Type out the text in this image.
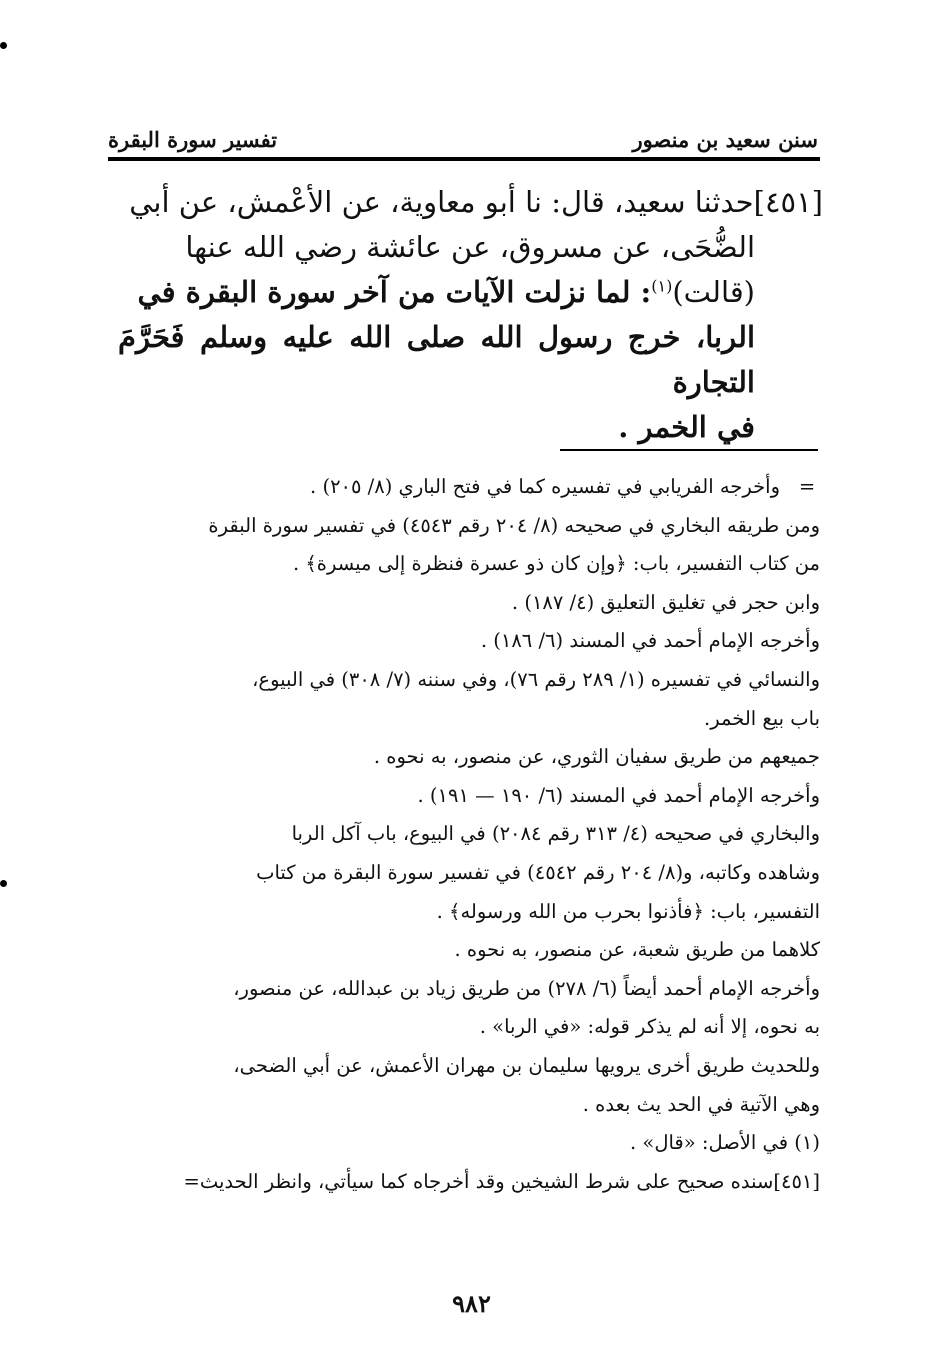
سنن سعيد بن منصور
تفسير سورة البقرة
[٤٥١]حدثنا سعيد، قال: نا أبو معاوية، عن الأعْمش، عن أبي
الضُّحَى، عن مسروق، عن عائشة رضي الله عنها
(قالت)$^{(١)}$: لما نزلت الآيات من آخر سورة البقرة في
الربا، خرج رسول الله صلى الله عليه وسلم فَحَرَّمَ التجارة
في الخمر .
=

وأخرجه الفريابي في تفسيره كما في فتح الباري (٨/ ٢٠٥) .

ومن طريقه البخاري في صحيحه (٨/ ٢٠٤ رقم ٤٥٤٣) في تفسير سورة البقرة

من كتاب التفسير، باب: ﴿وإن كان ذو عسرة فنظرة إلى ميسرة﴾ .

وابن حجر في تغليق التعليق (٤/ ١٨٧) .

وأخرجه الإمام أحمد في المسند (٦/ ١٨٦) .

والنسائي في تفسيره (١/ ٢٨٩ رقم ٧٦)، وفي سننه (٧/ ٣٠٨) في البيوع،

باب بيع الخمر.

جميعهم من طريق سفيان الثوري، عن منصور، به نحوه .

وأخرجه الإمام أحمد في المسند (٦/ ١٩٠ — ١٩١) .

والبخاري في صحيحه (٤/ ٣١٣ رقم ٢٠٨٤) في البيوع، باب آكل الربا

وشاهده وكاتبه، و(٨/ ٢٠٤ رقم ٤٥٤٢) في تفسير سورة البقرة من كتاب

التفسير، باب: ﴿فأذنوا بحرب من الله ورسوله﴾ .

كلاهما من طريق شعبة، عن منصور، به نحوه .

وأخرجه الإمام أحمد أيضاً (٦/ ٢٧٨) من طريق زياد بن عبدالله، عن منصور،

به نحوه، إلا أنه لم يذكر قوله: «في الربا» .

وللحديث طريق أخرى يرويها سليمان بن مهران الأعمش، عن أبي الضحى،

وهي الآتية في الحد يث بعده .

(١) في الأصل: «قال» .

[٤٥١]سنده صحيح على شرط الشيخين وقد أخرجاه كما سيأتي، وانظر الحديث=

٩٨٢
